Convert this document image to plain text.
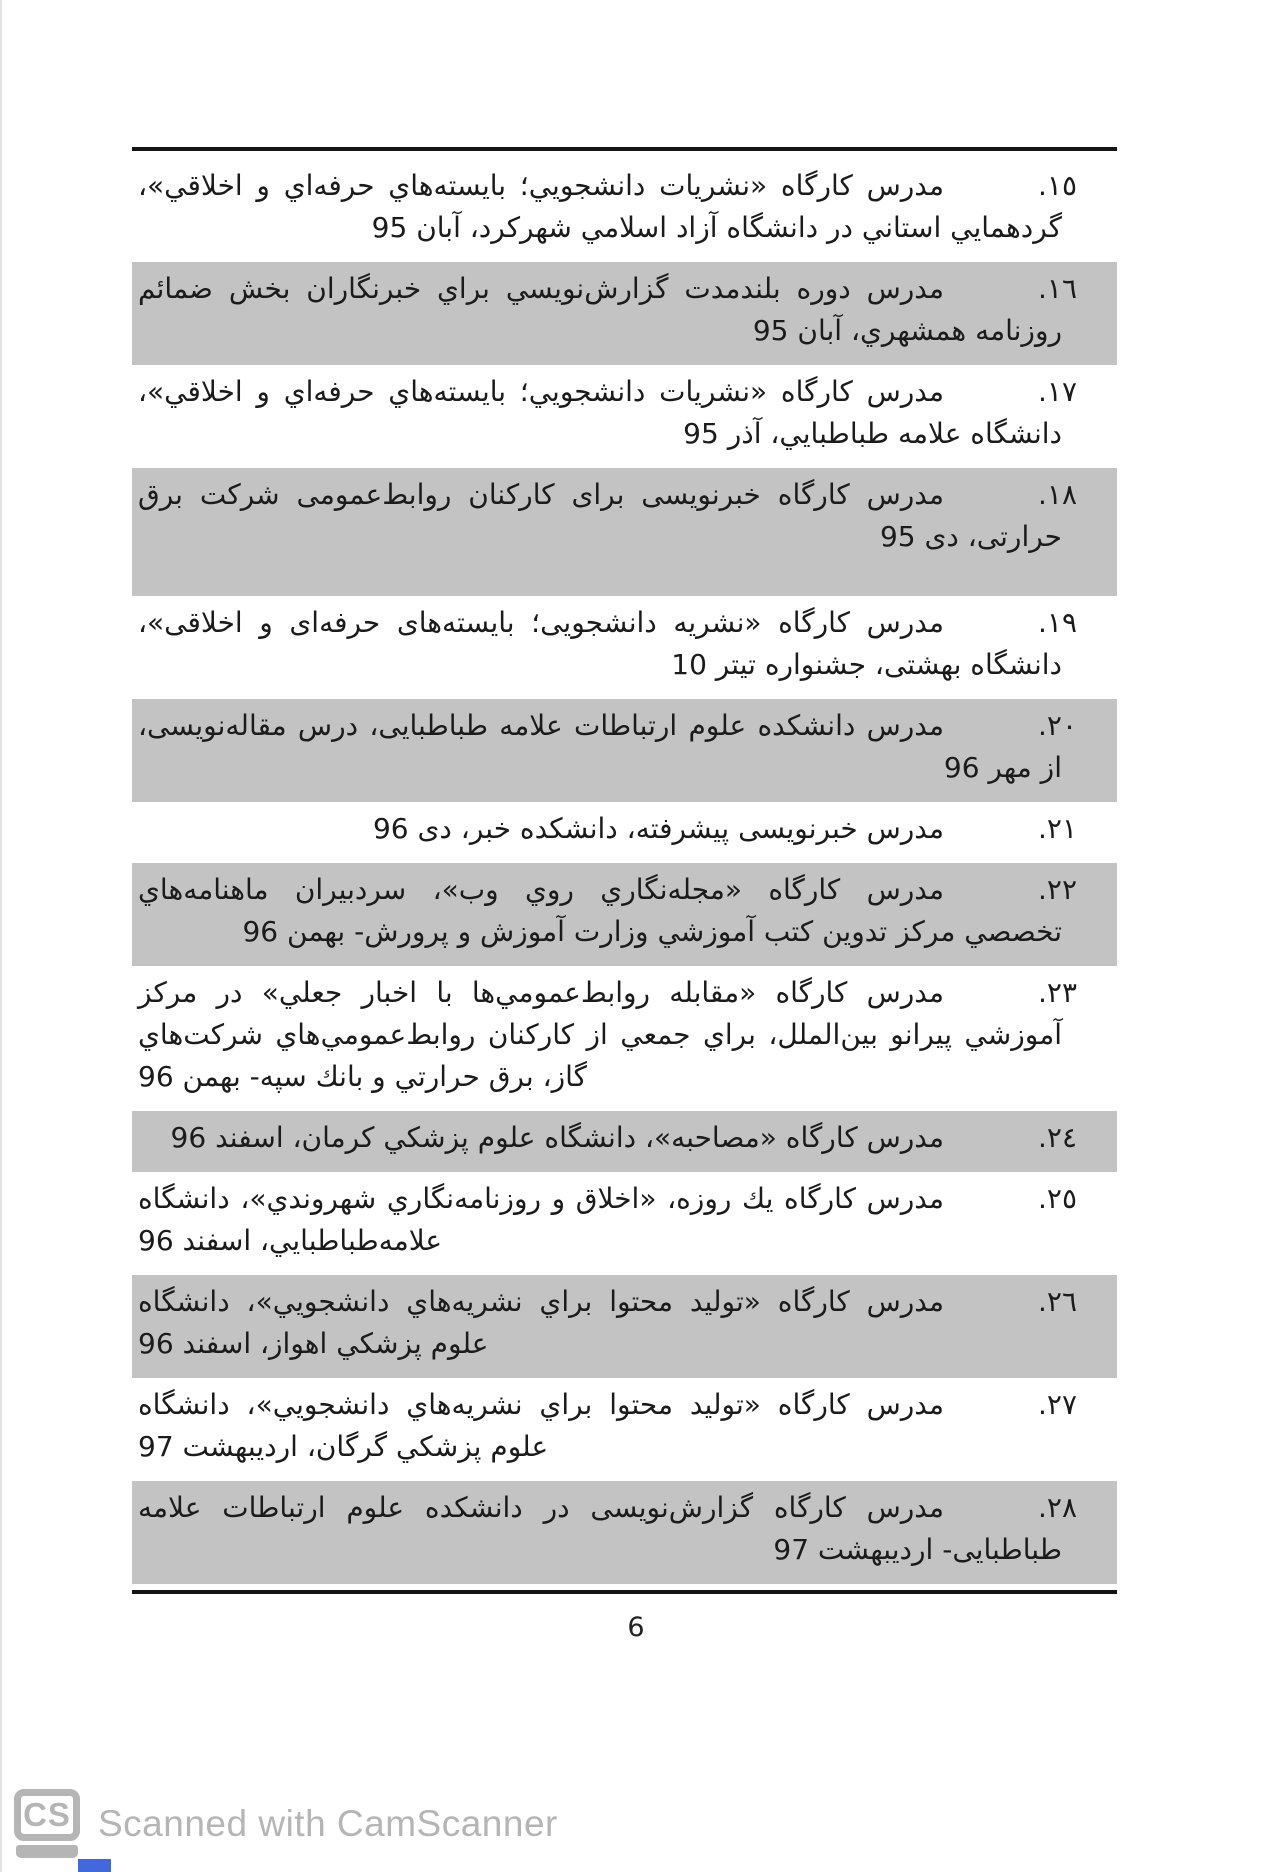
١٥.
مدرس کارگاه «نشريات دانشجويي؛ بايسته‌هاي حرفه‌اي و اخلاقي»، گردهمايي استاني در دانشگاه آزاد اسلامي شهرکرد، آبان 95
١٦.
مدرس دوره بلندمدت گزارش‌نويسي براي خبرنگاران بخش ضمائم روزنامه همشهري، آبان 95
١٧.
مدرس کارگاه «نشريات دانشجويي؛ بايسته‌هاي حرفه‌اي و اخلاقي»، دانشگاه علامه طباطبايي، آذر 95
١٨.
مدرس کارگاه خبرنویسی برای کارکنان روابط‌عمومی شرکت برق حرارتی، دی 95
١٩.
مدرس کارگاه «نشریه دانشجویی؛ بایسته‌های حرفه‌ای و اخلاقی»، دانشگاه بهشتی، جشنواره تیتر 10
٢٠.
مدرس دانشکده علوم ارتباطات علامه طباطبایی، درس مقاله‌نویسی، از مهر 96
٢١.
مدرس خبرنویسی پیشرفته، دانشکده خبر، دی 96
٢٢.
مدرس کارگاه «مجله‌نگاري روي وب»، سردبيران ماهنامه‌هاي تخصصي مرکز تدوين کتب آموزشي وزارت آموزش و پرورش- بهمن 96
٢٣.
مدرس کارگاه «مقابله روابط‌عمومي‌ها با اخبار جعلي» در مرکز آموزشي پيرانو بين‌الملل، براي جمعي از کارکنان روابط‌عمومي‌هاي شرکت‌هاي گاز، برق حرارتي و بانك سپه- بهمن 96
٢٤.
مدرس کارگاه «مصاحبه»، دانشگاه علوم پزشکي کرمان، اسفند 96
٢٥.
مدرس کارگاه يك روزه، «اخلاق و روزنامه‌نگاري شهروندي»، دانشگاه علامه‌طباطبايي، اسفند 96
٢٦.
مدرس کارگاه «توليد محتوا براي نشريه‌هاي دانشجويي»، دانشگاه علوم پزشکي اهواز، اسفند 96
٢٧.
مدرس کارگاه «توليد محتوا براي نشريه‌هاي دانشجويي»، دانشگاه علوم پزشکي گرگان، اردیبهشت 97
٢٨.
مدرس کارگاه گزارش‌نویسی در دانشکده علوم ارتباطات علامه طباطبایی- اردیبهشت 97
6
CS Scanned with CamScanner
